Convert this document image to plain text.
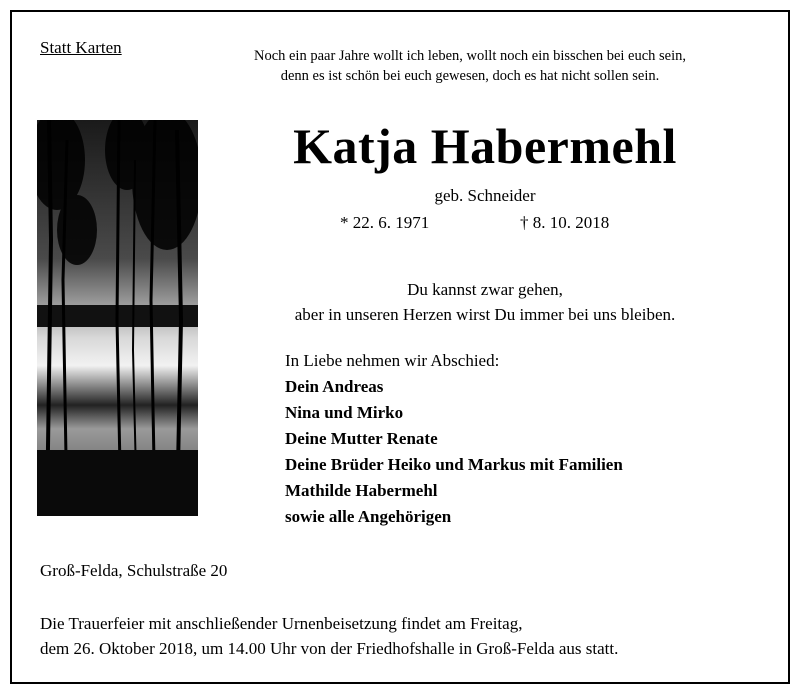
Statt Karten	Noch ein paar Jahre wollt ich leben, wollt noch ein bisschen bei euch sein,
denn es ist schön bei euch gewesen, doch es hat nicht sollen sein.
Katja Habermehl
geb. Schneider
* 22. 6. 1971	† 8. 10. 2018
Du kannst zwar gehen,
aber in unseren Herzen wirst Du immer bei uns bleiben.
In Liebe nehmen wir Abschied:
Dein Andreas
Nina und Mirko
Deine Mutter Renate
Deine Brüder Heiko und Markus mit Familien
Mathilde Habermehl
sowie alle Angehörigen
Groß-Felda, Schulstraße 20
Die Trauerfeier mit anschließender Urnenbeisetzung findet am Freitag,
dem 26. Oktober 2018, um 14.00 Uhr von der Friedhofshalle in Groß-Felda aus statt.
